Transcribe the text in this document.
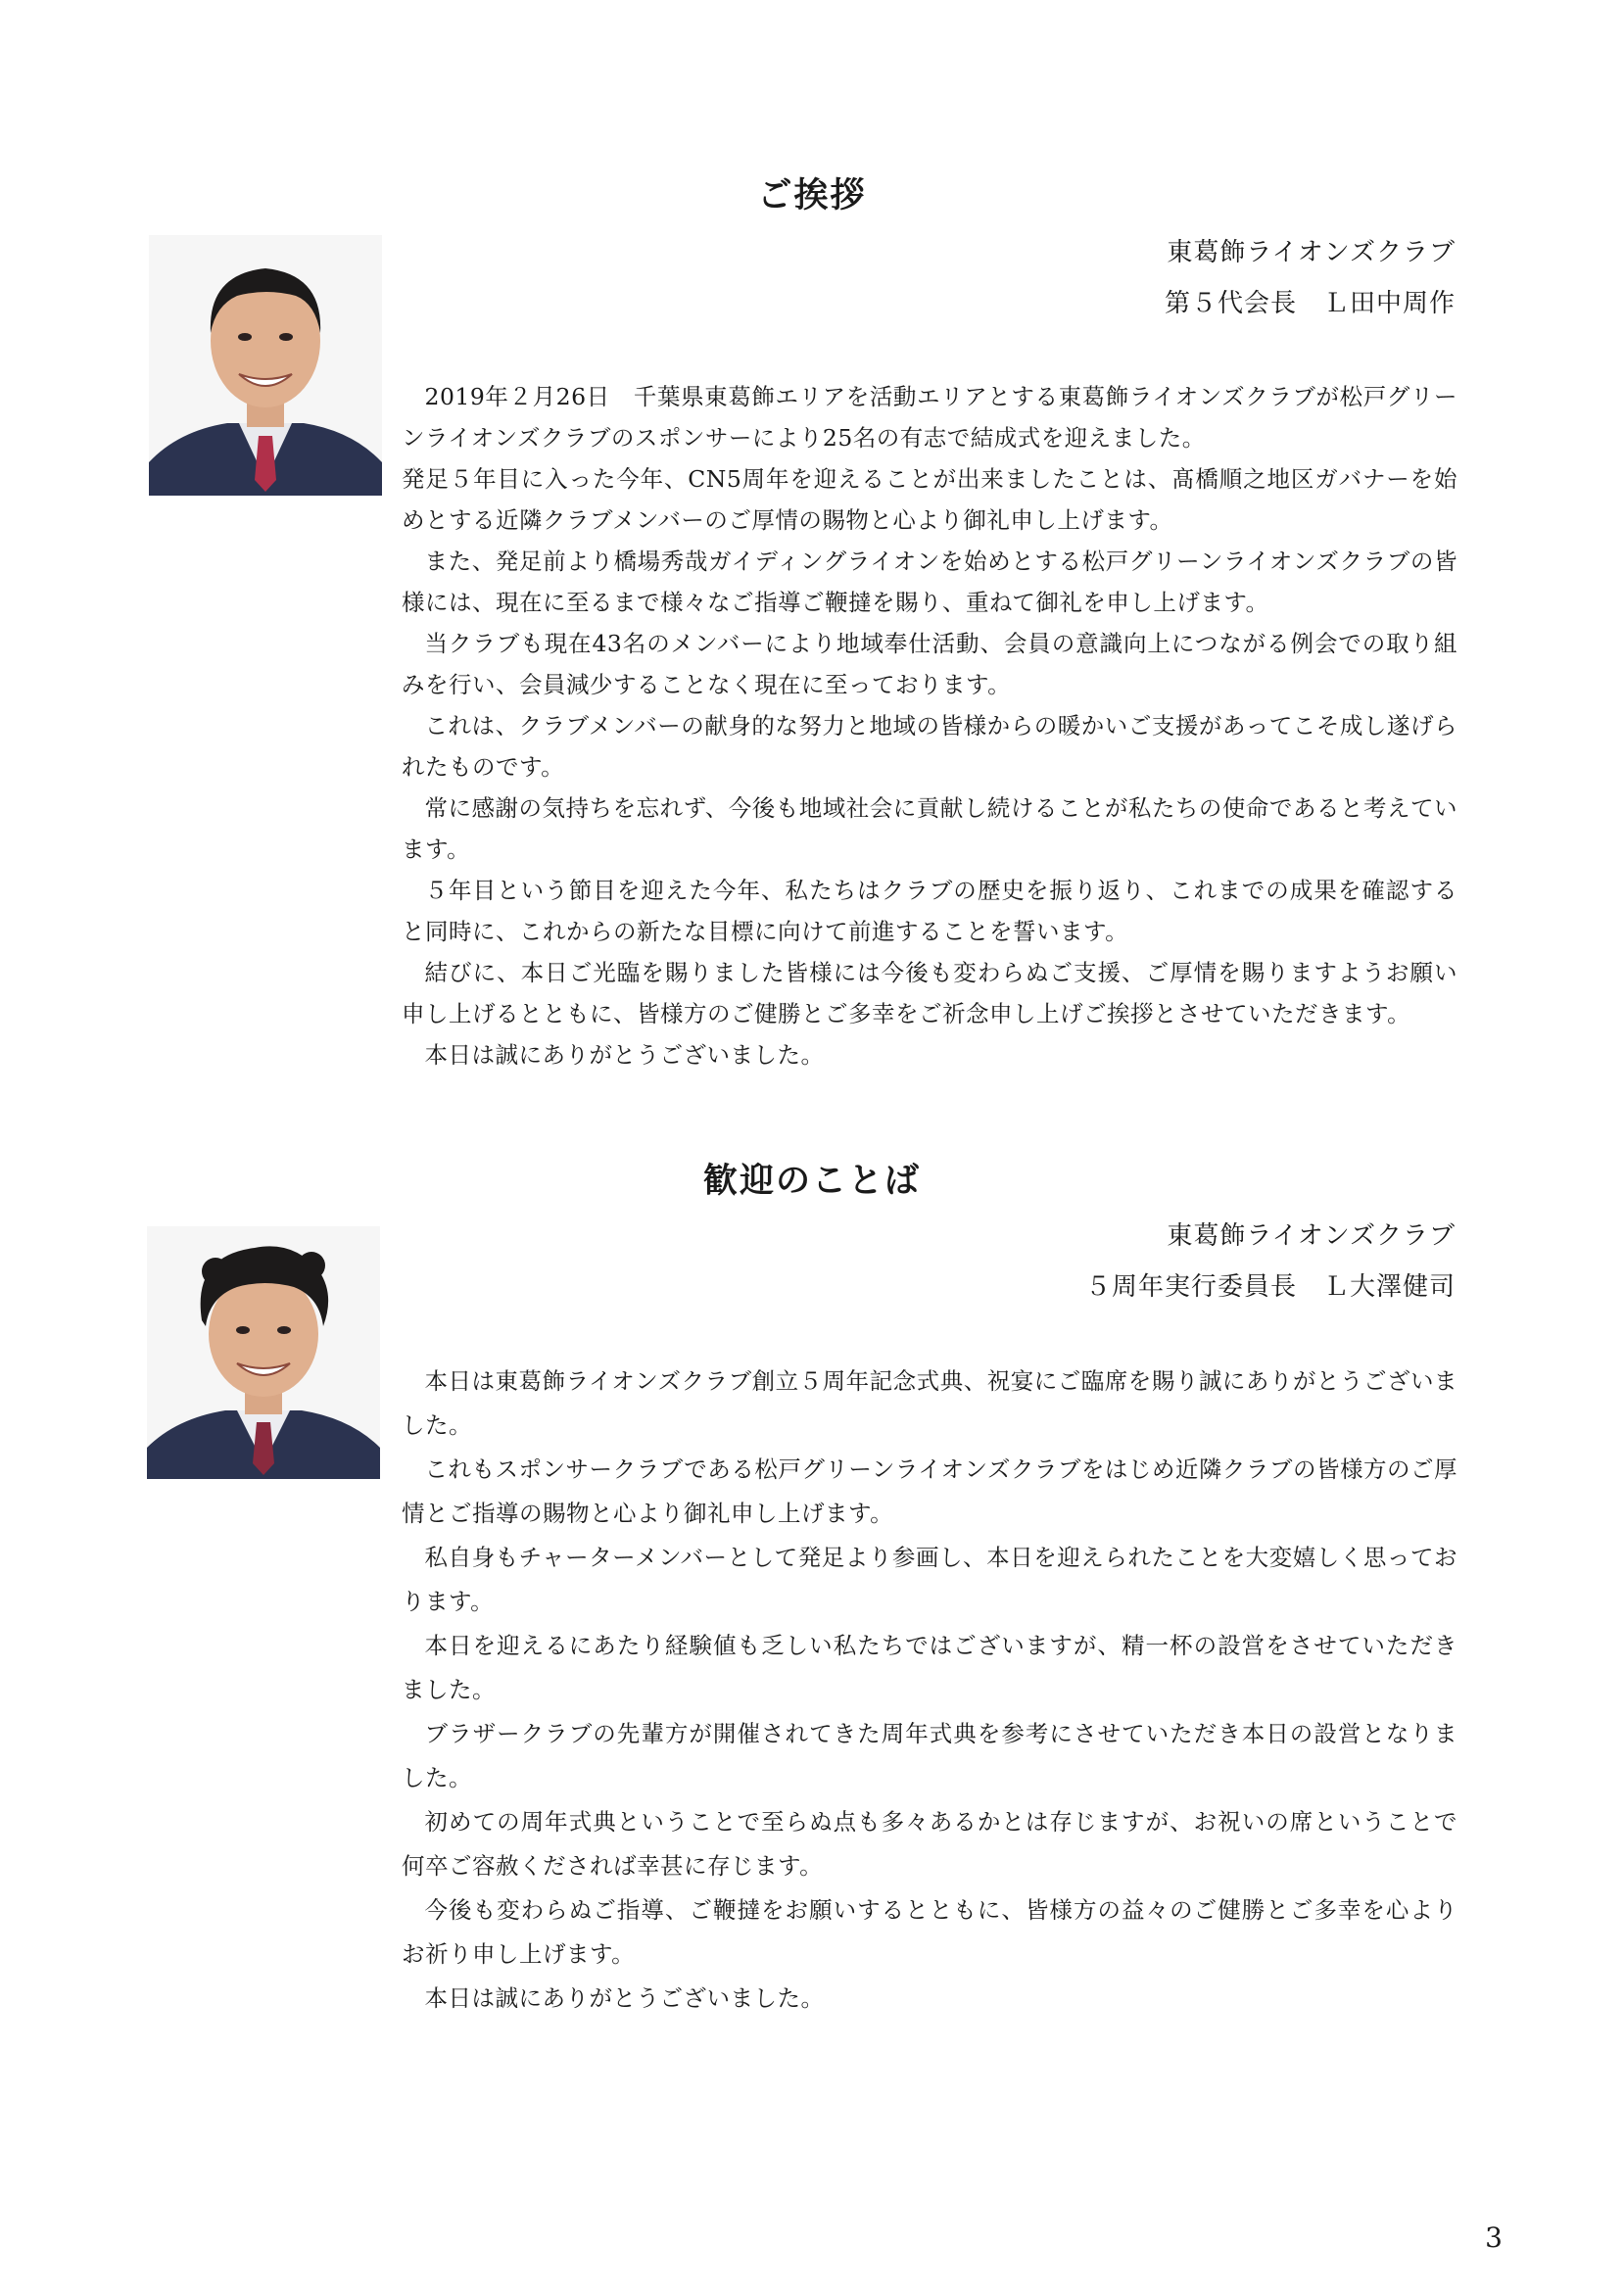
ご挨拶
東葛飾ライオンズクラブ
第５代会長　Ｌ田中周作

2019年２月26日　千葉県東葛飾エリアを活動エリアとする東葛飾ライオンズクラブが松戸グリーンライオンズクラブのスポンサーにより25名の有志で結成式を迎えました。

発足５年目に入った今年、CN5周年を迎えることが出来ましたことは、髙橋順之地区ガバナーを始めとする近隣クラブメンバーのご厚情の賜物と心より御礼申し上げます。

また、発足前より橋場秀哉ガイディングライオンを始めとする松戸グリーンライオンズクラブの皆様には、現在に至るまで様々なご指導ご鞭撻を賜り、重ねて御礼を申し上げます。

当クラブも現在43名のメンバーにより地域奉仕活動、会員の意識向上につながる例会での取り組みを行い、会員減少することなく現在に至っております。

これは、クラブメンバーの献身的な努力と地域の皆様からの暖かいご支援があってこそ成し遂げられたものです。

常に感謝の気持ちを忘れず、今後も地域社会に貢献し続けることが私たちの使命であると考えています。

５年目という節目を迎えた今年、私たちはクラブの歴史を振り返り、これまでの成果を確認すると同時に、これからの新たな目標に向けて前進することを誓います。

結びに、本日ご光臨を賜りました皆様には今後も変わらぬご支援、ご厚情を賜りますようお願い申し上げるとともに、皆様方のご健勝とご多幸をご祈念申し上げご挨拶とさせていただきます。

本日は誠にありがとうございました。

歓迎のことば
東葛飾ライオンズクラブ
５周年実行委員長　Ｌ大澤健司

本日は東葛飾ライオンズクラブ創立５周年記念式典、祝宴にご臨席を賜り誠にありがとうございました。

これもスポンサークラブである松戸グリーンライオンズクラブをはじめ近隣クラブの皆様方のご厚情とご指導の賜物と心より御礼申し上げます。

私自身もチャーターメンバーとして発足より参画し、本日を迎えられたことを大変嬉しく思っております。

本日を迎えるにあたり経験値も乏しい私たちではございますが、精一杯の設営をさせていただきました。

ブラザークラブの先輩方が開催されてきた周年式典を参考にさせていただき本日の設営となりました。

初めての周年式典ということで至らぬ点も多々あるかとは存じますが、お祝いの席ということで何卒ご容赦くだされば幸甚に存じます。

今後も変わらぬご指導、ご鞭撻をお願いするとともに、皆様方の益々のご健勝とご多幸を心よりお祈り申し上げます。

本日は誠にありがとうございました。

3
